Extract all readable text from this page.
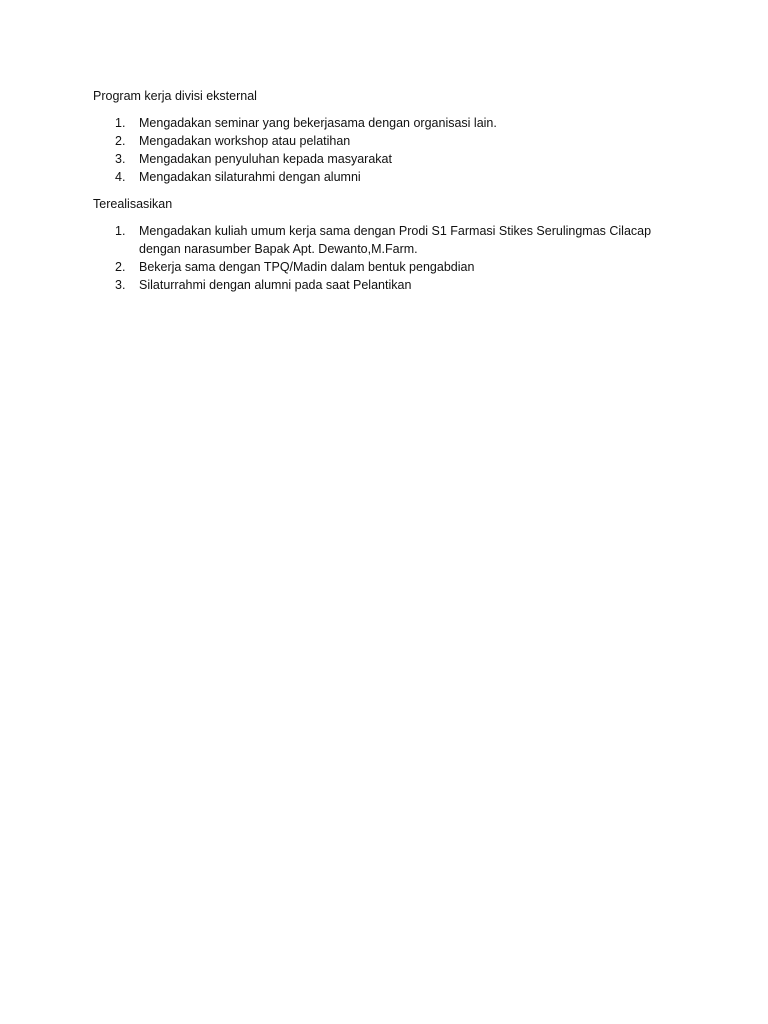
Program kerja divisi eksternal
1. Mengadakan seminar yang bekerjasama dengan organisasi lain.
2. Mengadakan workshop atau pelatihan
3. Mengadakan penyuluhan kepada masyarakat
4. Mengadakan silaturahmi dengan alumni
Terealisasikan
1. Mengadakan kuliah umum kerja sama dengan Prodi S1 Farmasi Stikes Serulingmas Cilacap dengan narasumber Bapak Apt. Dewanto,M.Farm.
2. Bekerja sama dengan TPQ/Madin dalam bentuk pengabdian
3. Silaturrahmi dengan alumni pada saat Pelantikan
